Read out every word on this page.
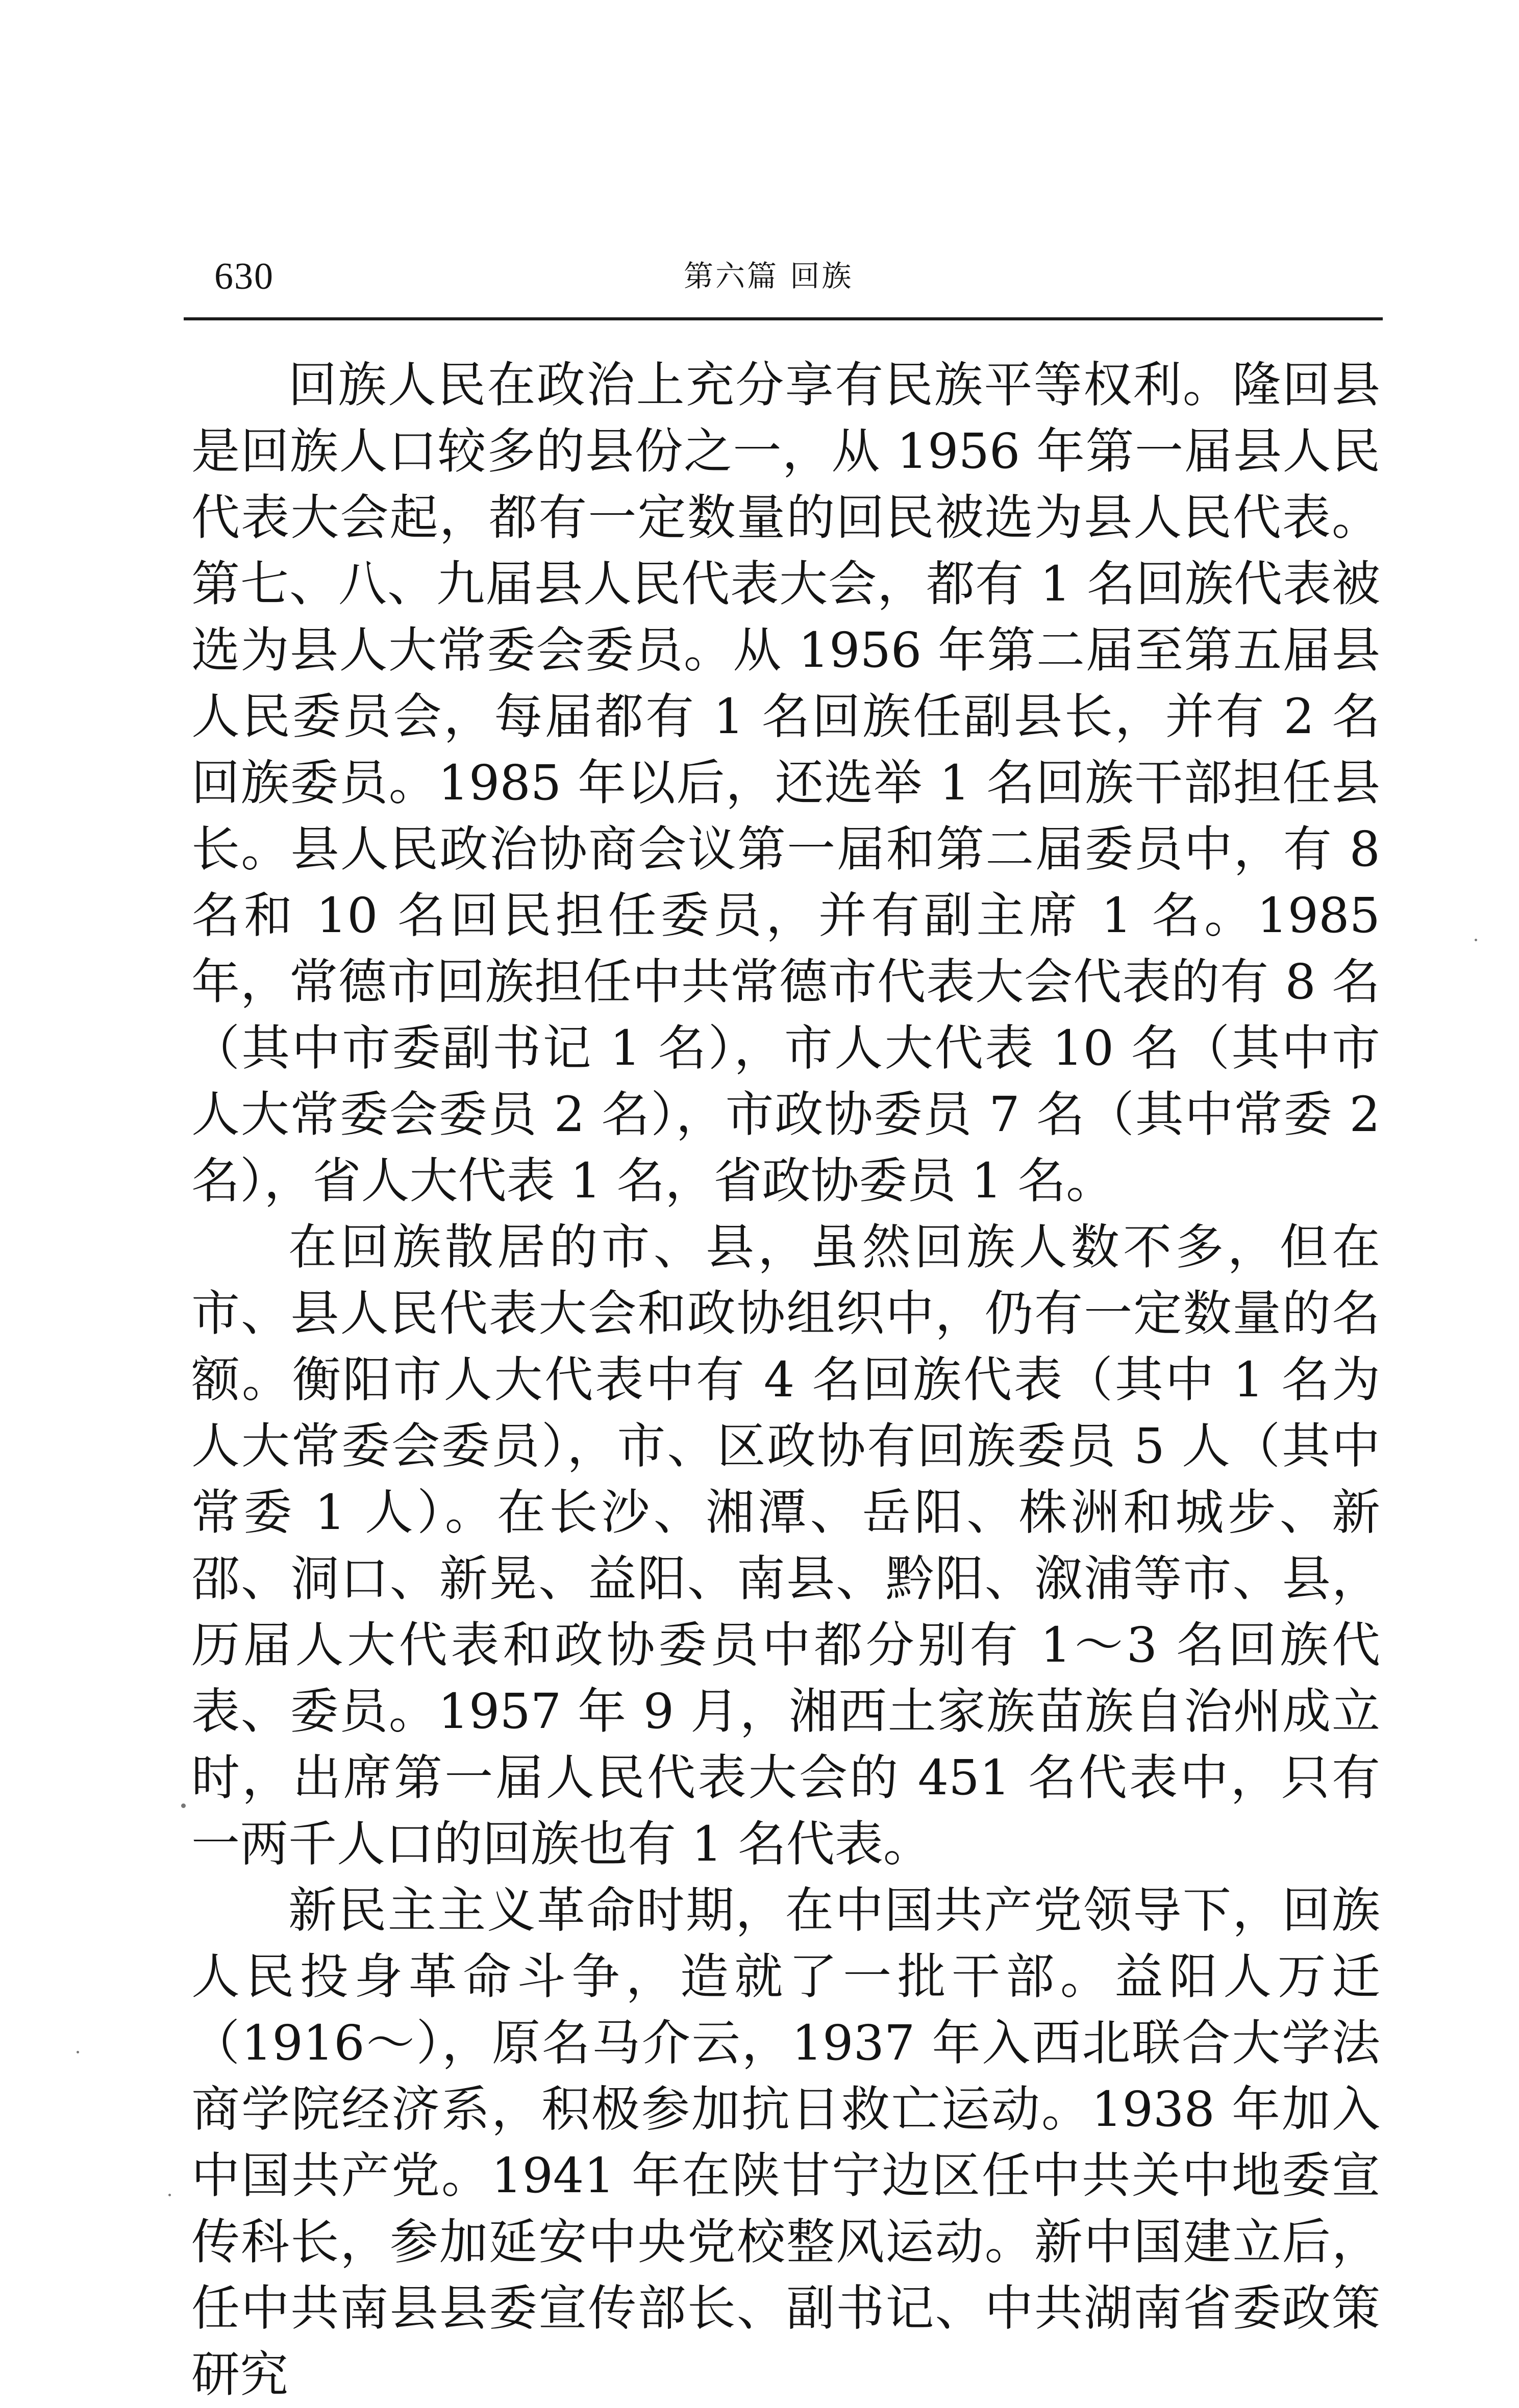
630	第六篇 回族

回族人民在政治上充分享有民族平等权利。隆回县是回族人口较多的县份之一，从 1956 年第一届县人民代表大会起，都有一定数量的回民被选为县人民代表。第七、八、九届县人民代表大会，都有 1 名回族代表被选为县人大常委会委员。从 1956 年第二届至第五届县人民委员会，每届都有 1 名回族任副县长，并有 2 名回族委员。1985 年以后，还选举 1 名回族干部担任县长。县人民政治协商会议第一届和第二届委员中，有 8 名和 10 名回民担任委员，并有副主席 1 名。1985 年，常德市回族担任中共常德市代表大会代表的有 8 名（其中市委副书记 1 名），市人大代表 10 名（其中市人大常委会委员 2 名），市政协委员 7 名（其中常委 2 名），省人大代表 1 名，省政协委员 1 名。

在回族散居的市、县，虽然回族人数不多，但在市、县人民代表大会和政协组织中，仍有一定数量的名额。衡阳市人大代表中有 4 名回族代表（其中 1 名为人大常委会委员），市、区政协有回族委员 5 人（其中常委 1 人）。在长沙、湘潭、岳阳、株洲和城步、新邵、洞口、新晃、益阳、南县、黔阳、溆浦等市、县，历届人大代表和政协委员中都分别有 1～3 名回族代表、委员。1957 年 9 月，湘西土家族苗族自治州成立时，出席第一届人民代表大会的 451 名代表中，只有一两千人口的回族也有 1 名代表。

新民主主义革命时期，在中国共产党领导下，回族人民投身革命斗争，造就了一批干部。益阳人万迁（1916～），原名马介云，1937 年入西北联合大学法商学院经济系，积极参加抗日救亡运动。1938 年加入中国共产党。1941 年在陕甘宁边区任中共关中地委宣传科长，参加延安中央党校整风运动。新中国建立后，任中共南县县委宣传部长、副书记、中共湖南省委政策研究
